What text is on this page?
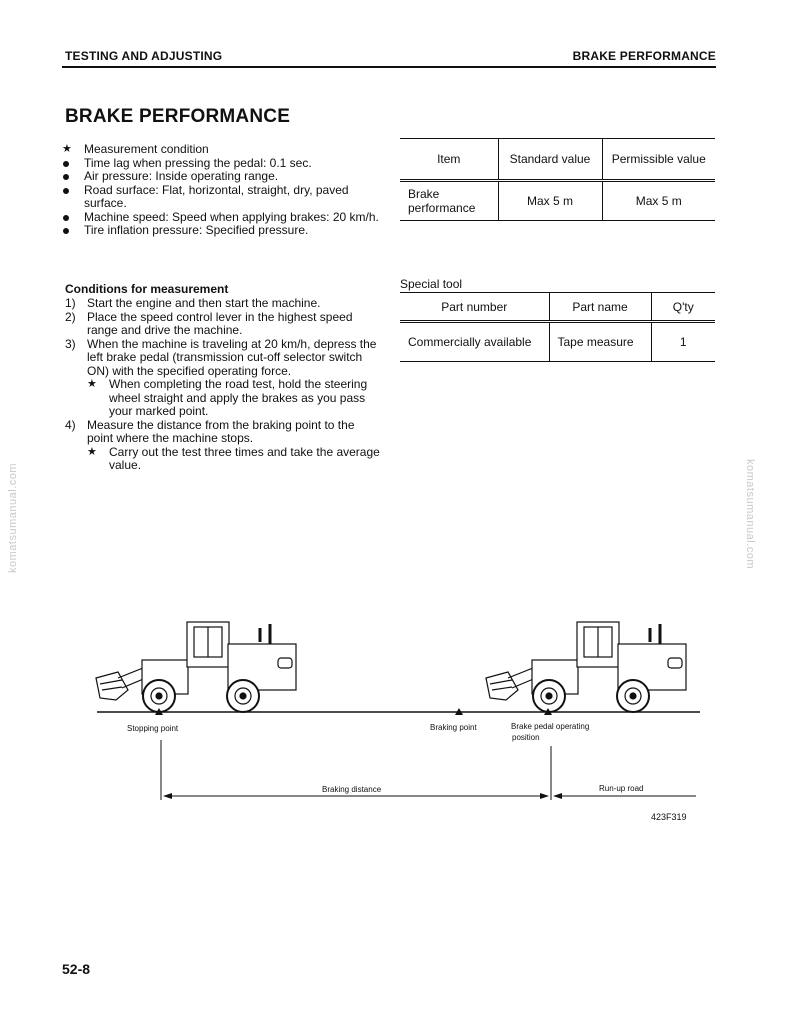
TESTING AND ADJUSTING	BRAKE PERFORMANCE
BRAKE PERFORMANCE
★ Measurement condition
Time lag when pressing the pedal: 0.1 sec.
Air pressure: Inside operating range.
Road surface: Flat, horizontal, straight, dry, paved surface.
Machine speed: Speed when applying brakes: 20 km/h.
Tire inflation pressure: Specified pressure.
Conditions for measurement
1) Start the engine and then start the machine.
2) Place the speed control lever in the highest speed range and drive the machine.
3) When the machine is traveling at 20 km/h, depress the left brake pedal (transmission cut-off selector switch ON) with the specified operating force.
★ When completing the road test, hold the steering wheel straight and apply the brakes as you pass your marked point.
4) Measure the distance from the braking point to the point where the machine stops.
★ Carry out the test three times and take the average value.
Item	Standard value	Permissible value
Brake performance	Max 5 m	Max 5 m
Special tool
Part number	Part name	Q'ty
Commercially available	Tape measure	1
komatsumanual.com	komatsumanual.com
Stopping point	Braking point	Brake pedal operating
position
Braking distance	Run-up road
423F319
52-8
